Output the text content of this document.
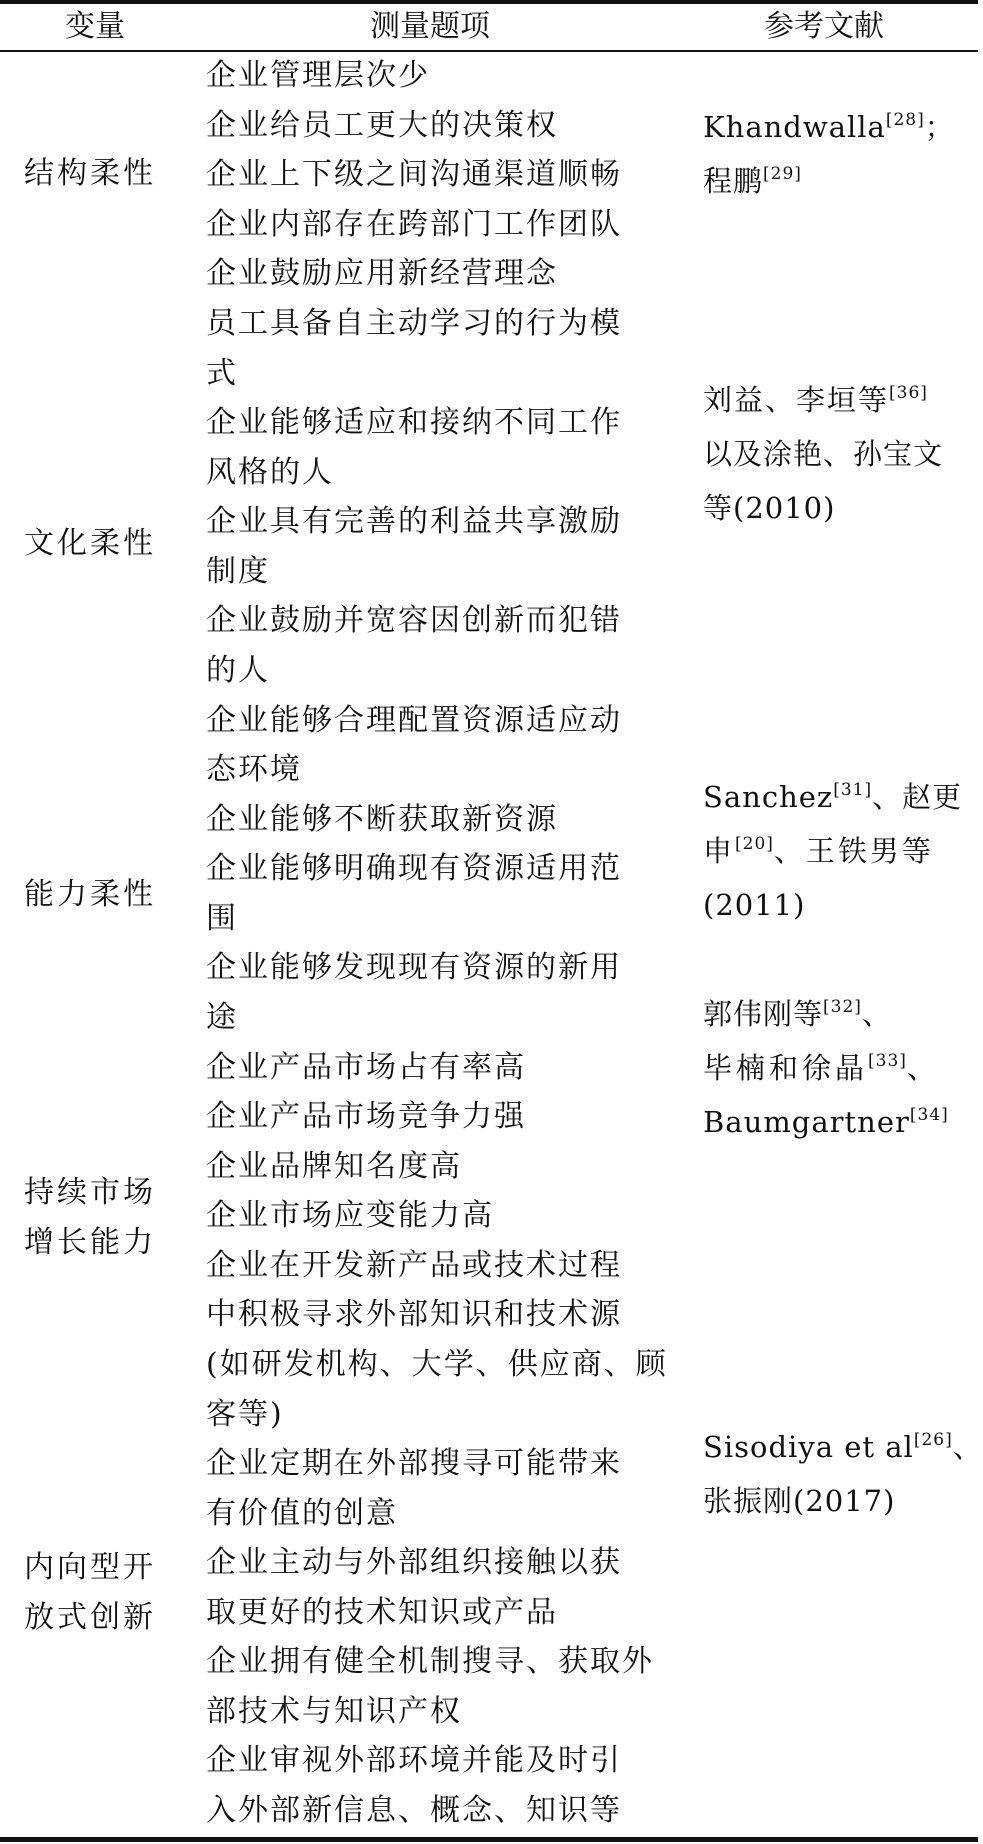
变量	测量题项	参考文献
结构柔性
文化柔性
能力柔性
持续市场增长能力
内向型开放式创新
企业管理层次少
企业给员工更大的决策权
企业上下级之间沟通渠道顺畅
企业内部存在跨部门工作团队
企业鼓励应用新经营理念
员工具备自主动学习的行为模
式
企业能够适应和接纳不同工作
风格的人
企业具有完善的利益共享激励
制度
企业鼓励并宽容因创新而犯错
的人
企业能够合理配置资源适应动
态环境
企业能够不断获取新资源
企业能够明确现有资源适用范
围
企业能够发现现有资源的新用
途
企业产品市场占有率高
企业产品市场竞争力强
企业品牌知名度高
企业市场应变能力高
企业在开发新产品或技术过程
中积极寻求外部知识和技术源
(如研发机构、大学、供应商、顾
客等)
企业定期在外部搜寻可能带来
有价值的创意
企业主动与外部组织接触以获
取更好的技术知识或产品
企业拥有健全机制搜寻、获取外
部技术与知识产权
企业审视外部环境并能及时引
入外部新信息、概念、知识等
Khandwalla[28]；
程鹏[29]
刘益、李垣等[36]
以及涂艳、孙宝文
等(2010)
Sanchez[31]、赵更
申[20]、王铁男等
(2011)
郭伟刚等[32]、
毕楠和徐晶[33]、
Baumgartner[34]
Sisodiya et al[26]、
张振刚(2017)
